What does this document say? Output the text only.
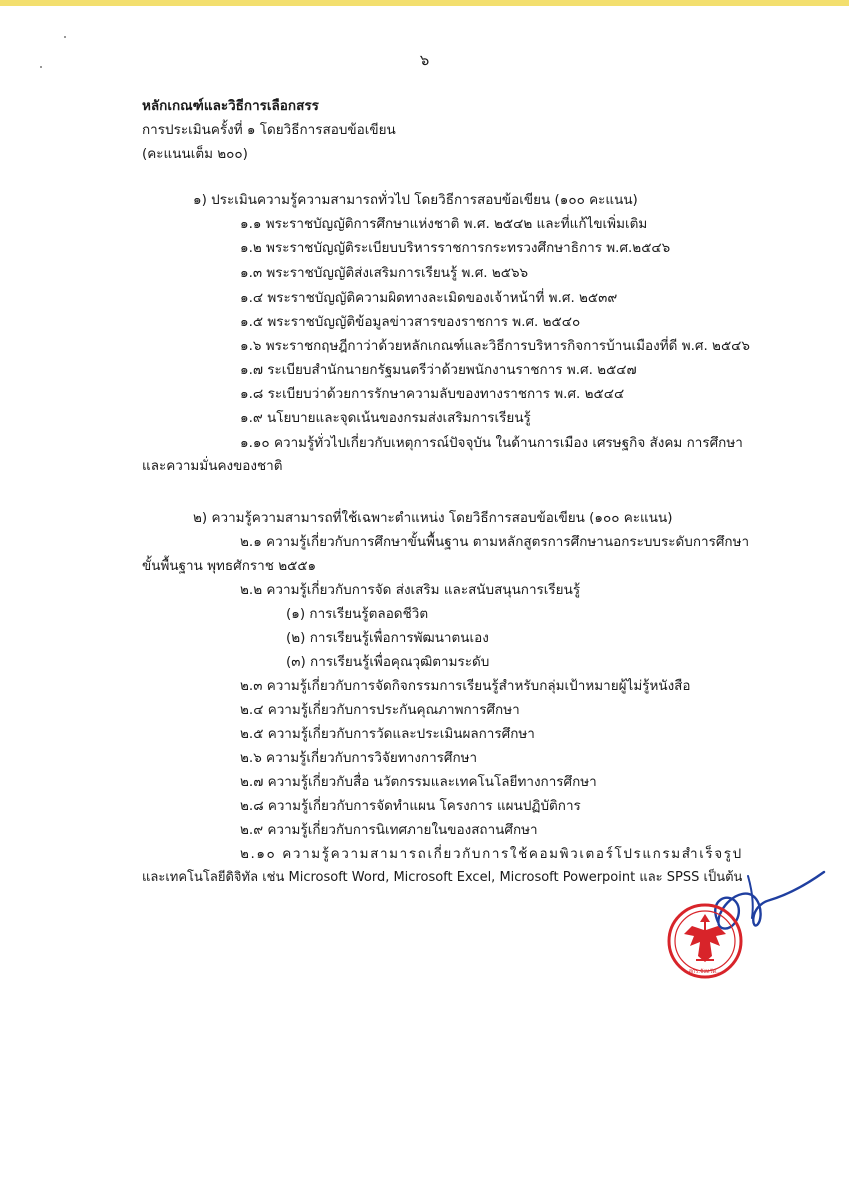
๖
หลักเกณฑ์และวิธีการเลือกสรร
การประเมินครั้งที่ ๑ โดยวิธีการสอบข้อเขียน
(คะแนนเต็ม ๒๐๐)
๑) ประเมินความรู้ความสามารถทั่วไป โดยวิธีการสอบข้อเขียน (๑๐๐ คะแนน)
๑.๑ พระราชบัญญัติการศึกษาแห่งชาติ พ.ศ. ๒๕๔๒ และที่แก้ไขเพิ่มเติม
๑.๒ พระราชบัญญัติระเบียบบริหารราชการกระทรวงศึกษาธิการ พ.ศ.๒๕๔๖
๑.๓ พระราชบัญญัติส่งเสริมการเรียนรู้ พ.ศ. ๒๕๖๖
๑.๔ พระราชบัญญัติความผิดทางละเมิดของเจ้าหน้าที่ พ.ศ. ๒๕๓๙
๑.๕ พระราชบัญญัติข้อมูลข่าวสารของราชการ พ.ศ. ๒๕๔๐
๑.๖ พระราชกฤษฎีกาว่าด้วยหลักเกณฑ์และวิธีการบริหารกิจการบ้านเมืองที่ดี พ.ศ. ๒๕๔๖
๑.๗ ระเบียบสำนักนายกรัฐมนตรีว่าด้วยพนักงานราชการ พ.ศ. ๒๕๔๗
๑.๘ ระเบียบว่าด้วยการรักษาความลับของทางราชการ พ.ศ. ๒๕๔๔
๑.๙ นโยบายและจุดเน้นของกรมส่งเสริมการเรียนรู้
๑.๑๐ ความรู้ทั่วไปเกี่ยวกับเหตุการณ์ปัจจุบัน ในด้านการเมือง เศรษฐกิจ สังคม การศึกษา
และความมั่นคงของชาติ
๒) ความรู้ความสามารถที่ใช้เฉพาะตำแหน่ง โดยวิธีการสอบข้อเขียน (๑๐๐ คะแนน)
๒.๑ ความรู้เกี่ยวกับการศึกษาขั้นพื้นฐาน ตามหลักสูตรการศึกษานอกระบบระดับการศึกษา
ขั้นพื้นฐาน พุทธศักราช ๒๕๕๑
๒.๒ ความรู้เกี่ยวกับการจัด ส่งเสริม และสนับสนุนการเรียนรู้
(๑) การเรียนรู้ตลอดชีวิต
(๒) การเรียนรู้เพื่อการพัฒนาตนเอง
(๓) การเรียนรู้เพื่อคุณวุฒิตามระดับ
๒.๓ ความรู้เกี่ยวกับการจัดกิจกรรมการเรียนรู้สำหรับกลุ่มเป้าหมายผู้ไม่รู้หนังสือ
๒.๔ ความรู้เกี่ยวกับการประกันคุณภาพการศึกษา
๒.๕ ความรู้เกี่ยวกับการวัดและประเมินผลการศึกษา
๒.๖ ความรู้เกี่ยวกับการวิจัยทางการศึกษา
๒.๗ ความรู้เกี่ยวกับสื่อ นวัตกรรมและเทคโนโลยีทางการศึกษา
๒.๘ ความรู้เกี่ยวกับการจัดทำแผน โครงการ แผนปฏิบัติการ
๒.๙ ความรู้เกี่ยวกับการนิเทศภายในของสถานศึกษา
๒.๑๐ ความรู้ความสามารถเกี่ยวกับการใช้คอมพิวเตอร์โปรแกรมสำเร็จรูป
และเทคโนโลยีดิจิทัล เช่น Microsoft Word, Microsoft Excel, Microsoft Powerpoint และ SPSS เป็นต้น
สกร.จังหวัด...
